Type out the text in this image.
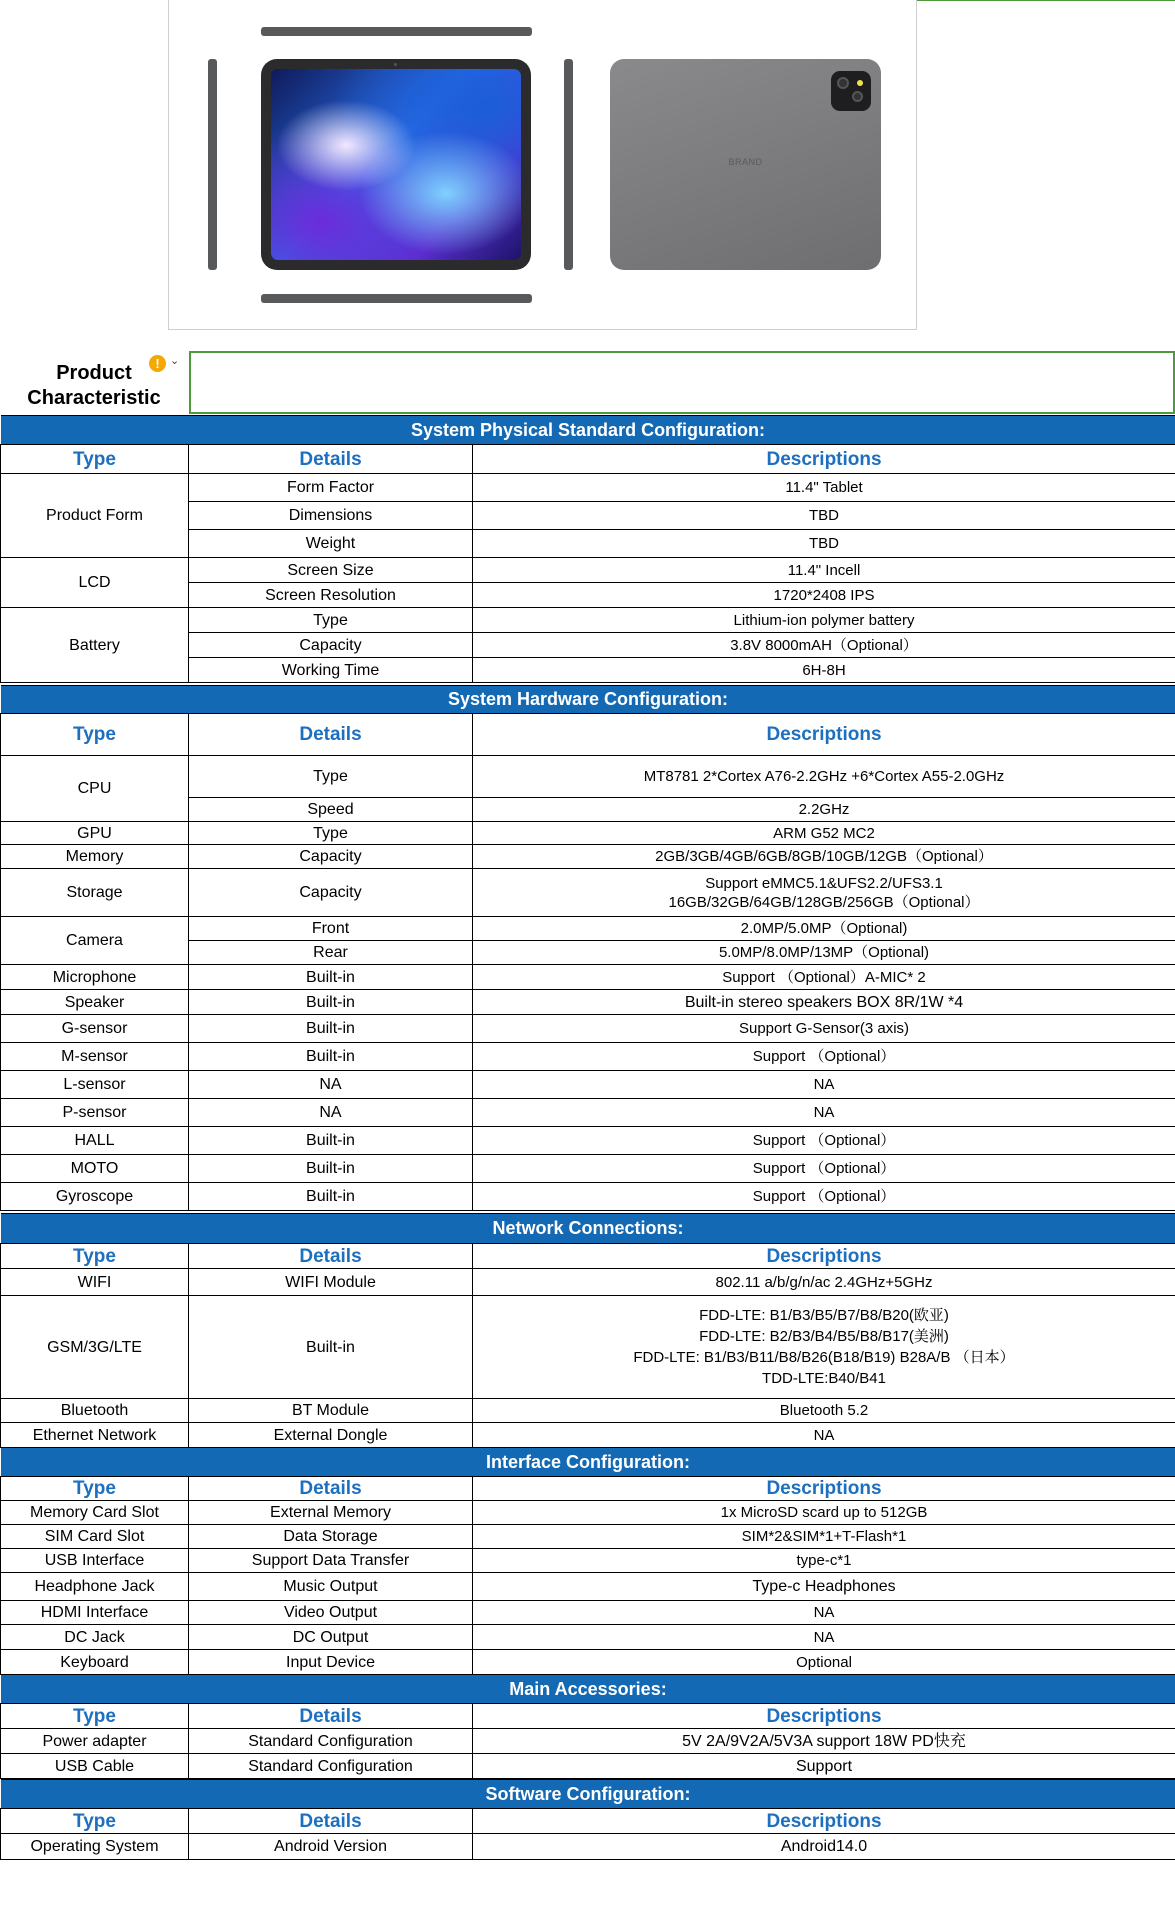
BRAND
Product
Characteristic
! ⌄
System Physical Standard Configuration:		
Type	Details	Descriptions
Product Form	Form Factor	11.4" Tablet
	Dimensions	TBD
	Weight	TBD
LCD	Screen Size	11.4" Incell
	Screen Resolution	1720*2408 IPS
Battery	Type	Lithium-ion polymer battery
	Capacity	3.8V 8000mAH（Optional）
	Working Time	6H-8H
System Hardware Configuration:		
Type	Details	Descriptions
CPU	Type	MT8781 2*Cortex A76-2.2GHz +6*Cortex A55-2.0GHz
	Speed	2.2GHz
GPU	Type	ARM G52 MC2
Memory	Capacity	2GB/3GB/4GB/6GB/8GB/10GB/12GB（Optional）
Storage	Capacity	Support eMMC5.1&UFS2.2/UFS3.1
16GB/32GB/64GB/128GB/256GB（Optional）

Camera	Front	2.0MP/5.0MP（Optional)
	Rear	5.0MP/8.0MP/13MP（Optional)
Microphone	Built-in	Support （Optional）A-MIC* 2
Speaker	Built-in	Built-in stereo speakers BOX 8R/1W *4
G-sensor	Built-in	Support G-Sensor(3 axis)
M-sensor	Built-in	Support （Optional）
L-sensor	NA	NA
P-sensor	NA	NA
HALL	Built-in	Support （Optional）
MOTO	Built-in	Support （Optional）
Gyroscope	Built-in	Support （Optional）
Network Connections:		
Type	Details	Descriptions
WIFI	WIFI Module	802.11 a/b/g/n/ac 2.4GHz+5GHz
GSM/3G/LTE	Built-in	FDD-LTE: B1/B3/B5/B7/B8/B20(欧亚)
FDD-LTE: B2/B3/B4/B5/B8/B17(美洲)
FDD-LTE: B1/B3/B11/B8/B26(B18/B19) B28A/B （日本）
TDD-LTE:B40/B41

Bluetooth	BT Module	Bluetooth 5.2
Ethernet Network	External Dongle	NA
Interface Configuration:		
Type	Details	Descriptions
Memory Card Slot	External Memory	1x MicroSD scard up to 512GB
SIM Card Slot	Data Storage	SIM*2&SIM*1+T-Flash*1
USB Interface	Support Data Transfer	type-c*1
Headphone Jack	Music Output	Type-c Headphones
HDMI Interface	Video Output	NA
DC Jack	DC Output	NA
Keyboard	Input Device	Optional
Main Accessories:		
Type	Details	Descriptions
Power adapter	Standard Configuration	5V 2A/9V2A/5V3A support 18W PD快充
USB Cable	Standard Configuration	Support
Software Configuration:		
Type	Details	Descriptions
Operating System	Android Version	Android14.0
